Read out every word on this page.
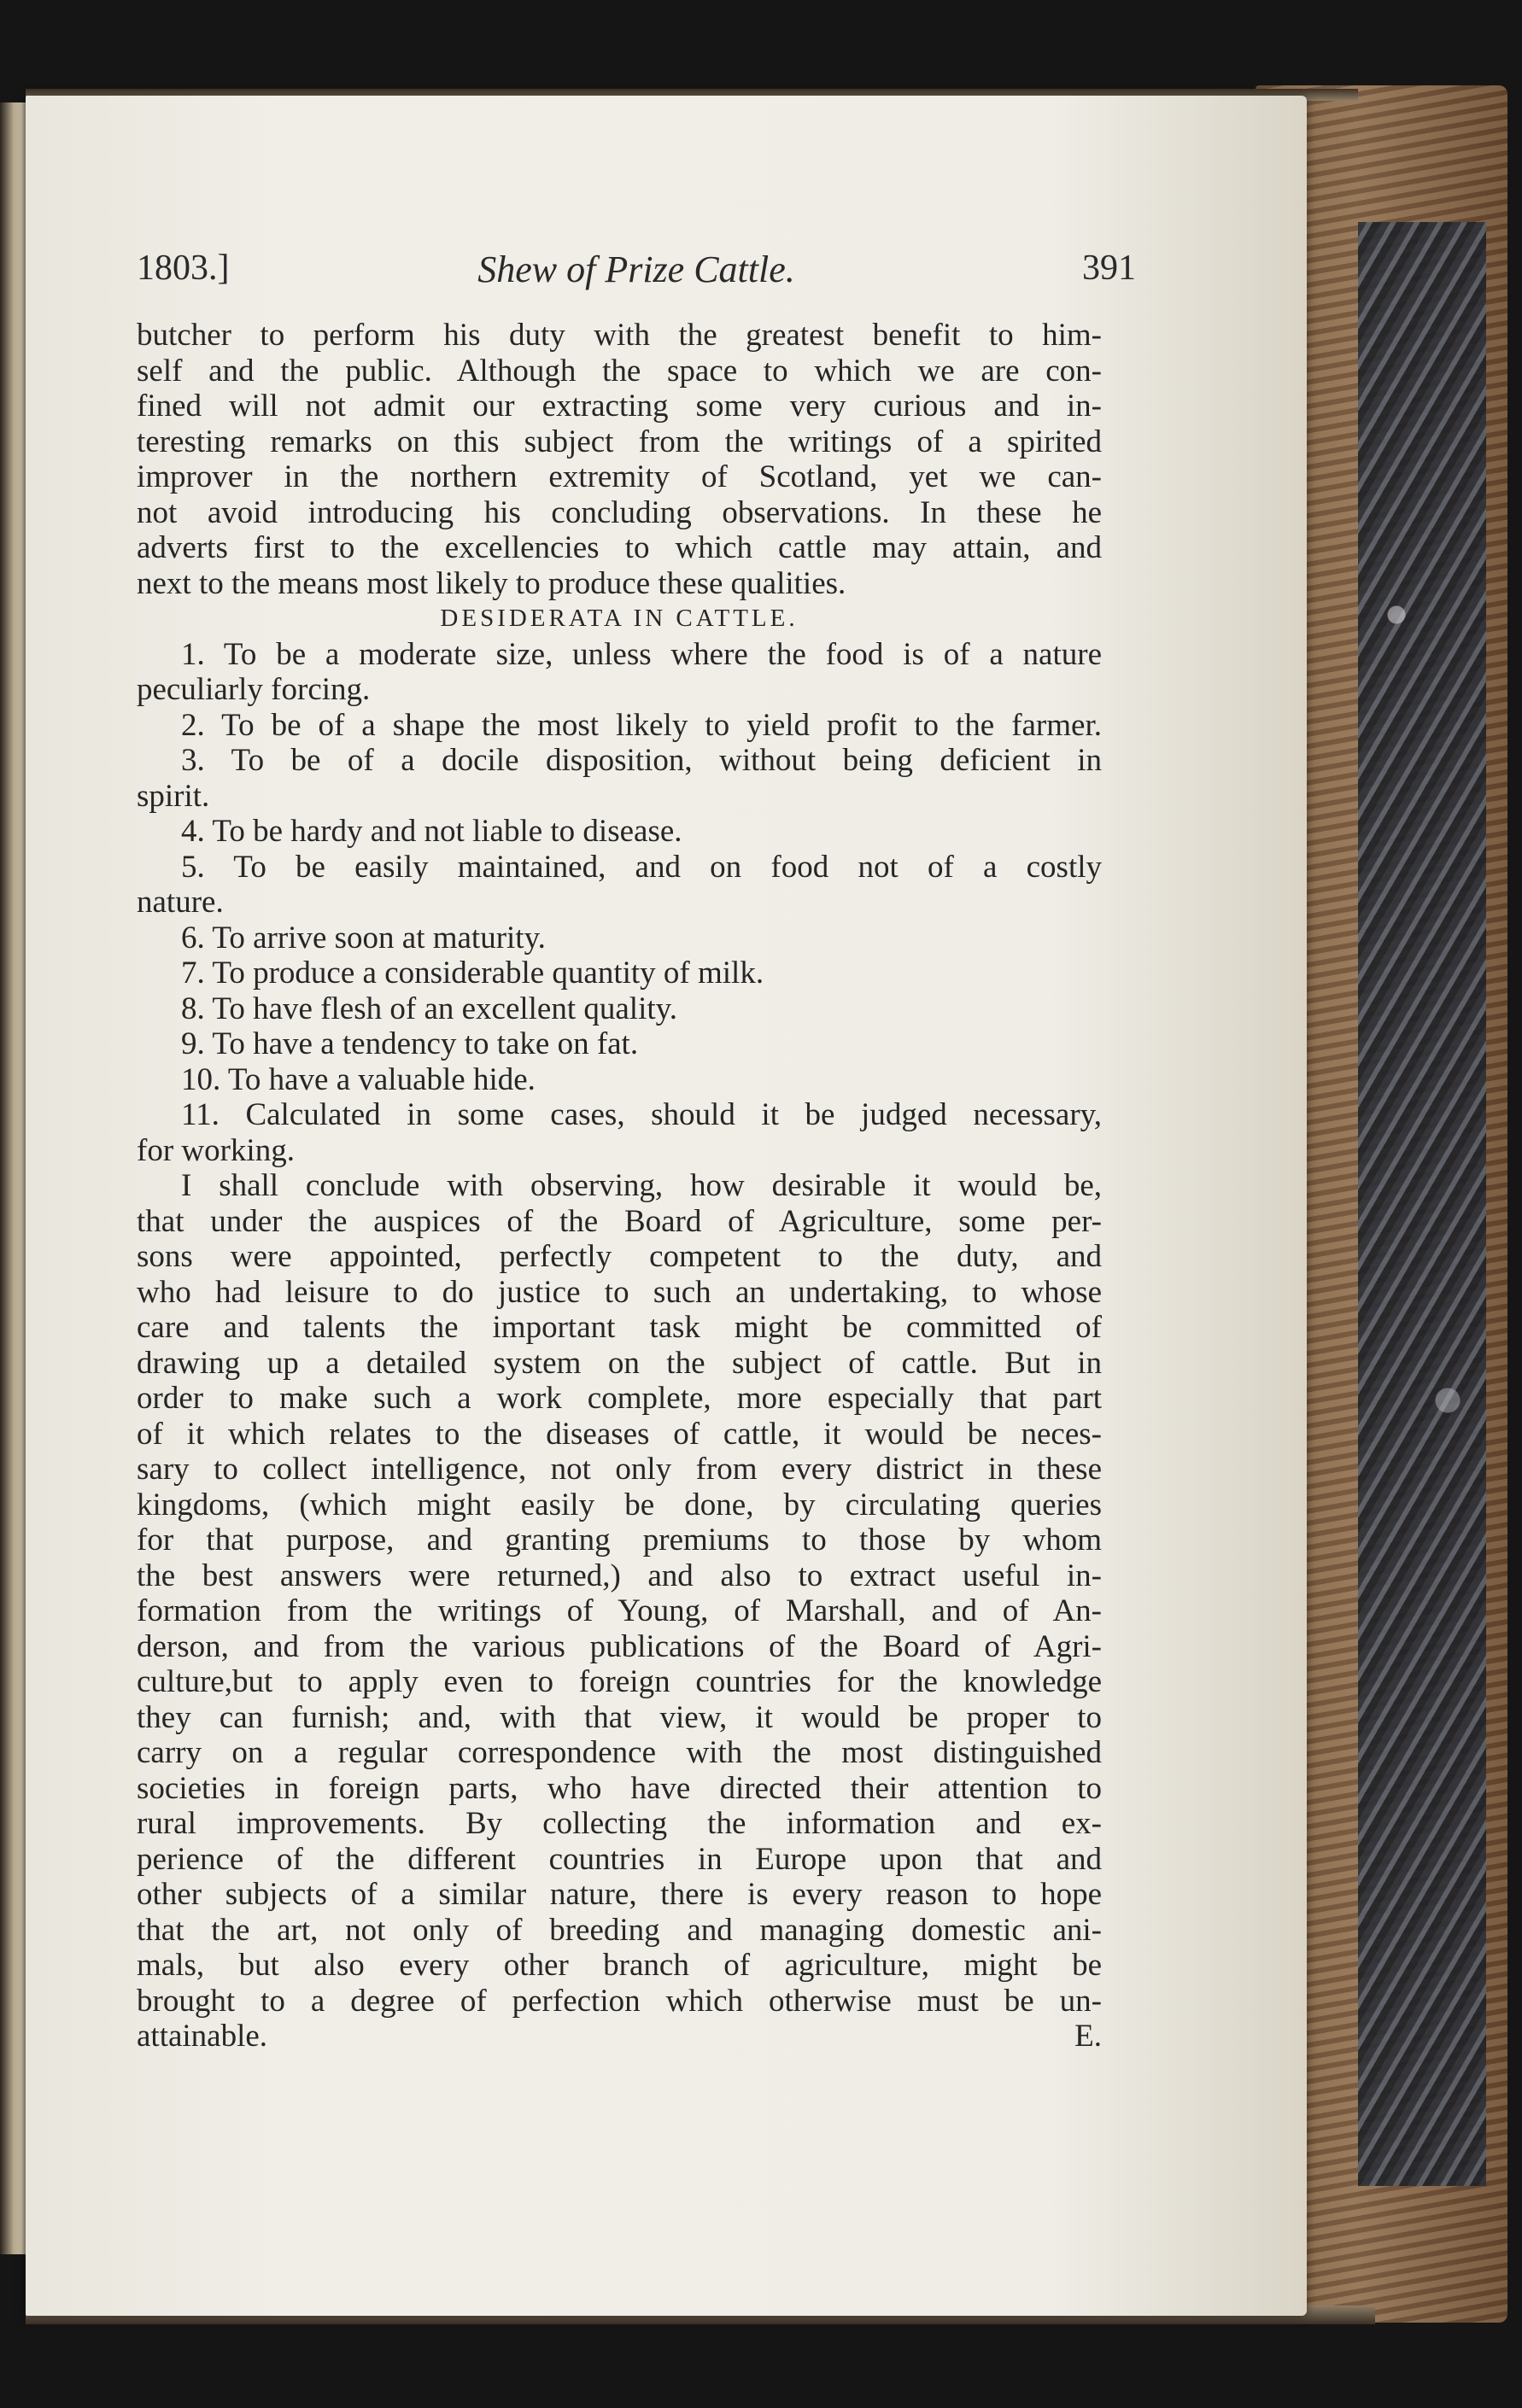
1803.]	Shew of Prize Cattle.	391
butcher to perform his duty with the greatest benefit to him-
self and the public. Although the space to which we are con-
fined will not admit our extracting some very curious and in-
teresting remarks on this subject from the writings of a spirited
improver in the northern extremity of Scotland, yet we can-
not avoid introducing his concluding observations. In these he
adverts first to the excellencies to which cattle may attain, and
next to the means most likely to produce these qualities.
DESIDERATA IN CATTLE.
1. To be a moderate size, unless where the food is of a nature
peculiarly forcing.
2. To be of a shape the most likely to yield profit to the farmer.
3. To be of a docile disposition, without being deficient in
spirit.
4. To be hardy and not liable to disease.
5. To be easily maintained, and on food not of a costly
nature.
6. To arrive soon at maturity.
7. To produce a considerable quantity of milk.
8. To have flesh of an excellent quality.
9. To have a tendency to take on fat.
10. To have a valuable hide.
11. Calculated in some cases, should it be judged necessary,
for working.
I shall conclude with observing, how desirable it would be,
that under the auspices of the Board of Agriculture, some per-
sons were appointed, perfectly competent to the duty, and
who had leisure to do justice to such an undertaking, to whose
care and talents the important task might be committed of
drawing up a detailed system on the subject of cattle. But in
order to make such a work complete, more especially that part
of it which relates to the diseases of cattle, it would be neces-
sary to collect intelligence, not only from every district in these
kingdoms, (which might easily be done, by circulating queries
for that purpose, and granting premiums to those by whom
the best answers were returned,) and also to extract useful in-
formation from the writings of Young, of Marshall, and of An-
derson, and from the various publications of the Board of Agri-
culture,but to apply even to foreign countries for the knowledge
they can furnish; and, with that view, it would be proper to
carry on a regular correspondence with the most distinguished
societies in foreign parts, who have directed their attention to
rural improvements. By collecting the information and ex-
perience of the different countries in Europe upon that and
other subjects of a similar nature, there is every reason to hope
that the art, not only of breeding and managing domestic ani-
mals, but also every other branch of agriculture, might be
brought to a degree of perfection which otherwise must be un-
attainable.	E.
